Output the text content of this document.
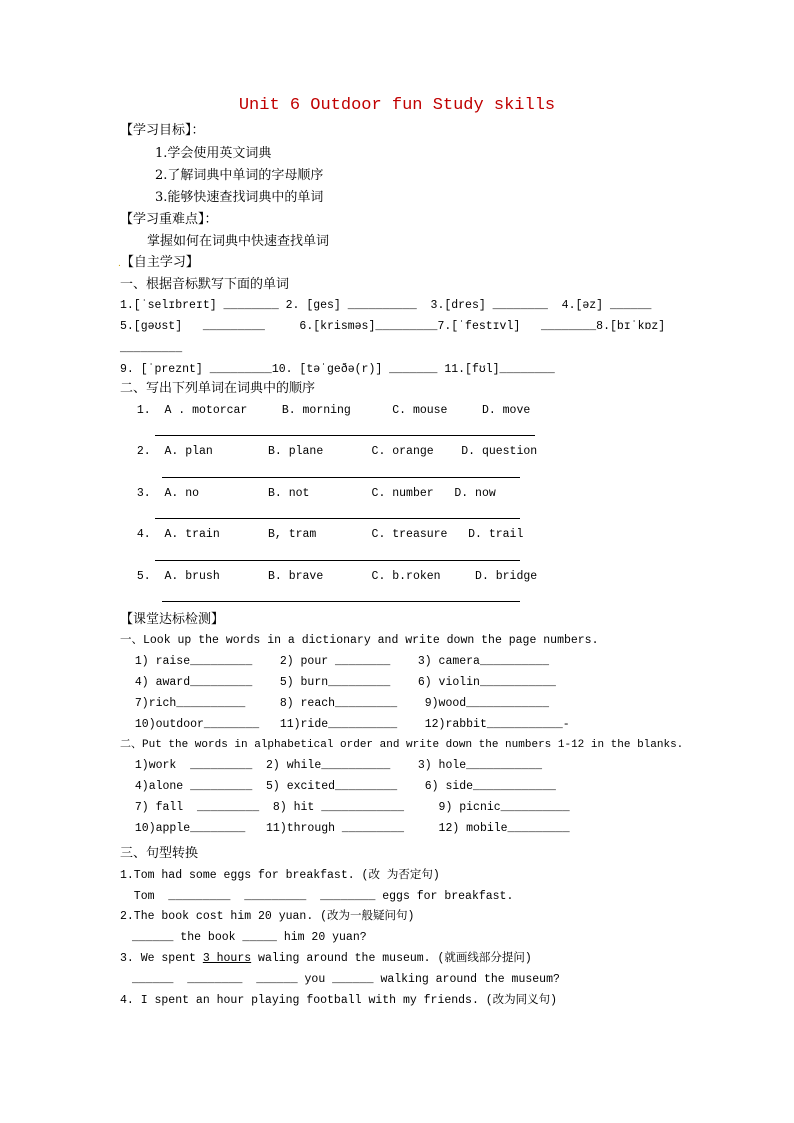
Unit 6 Outdoor fun Study skills
【学习目标】：
1.学会使用英文词典
2.了解词典中单词的字母顺序
3.能够快速查找词典中的单词
【学习重难点】：
掌握如何在词典中快速查找单词
.【自主学习】
一、根据音标默写下面的单词
1.[ˈselɪbreɪt] ________ 2. [ges] __________  3.[dres] ________  4.[əz] ______
5.[ɡəʊst]   _________     6.[krisməs]_________7.[ˈfestɪvl]   ________8.[bɪˈkɒz]
_________
9. [ˈpreznt] _________10. [təˈɡeðə(r)] _______ 11.[fʊl]________
二、写出下列单词在词典中的顺序
1.  A . motorcar     B. morning      C. mouse     D. move
2.  A. plan        B. plane       C. orange    D. question
3.  A. no          B. not         C. number   D. now
4.  A. train       B, tram        C. treasure   D. trail
5.  A. brush       B. brave       C. b.roken     D. bridge
【课堂达标检测】
一、Look up the words in a dictionary and write down the page numbers.
1) raise_________    2) pour ________    3) camera__________
4) award_________    5) burn_________    6) violin___________
7)rich__________     8) reach_________    9)wood____________
10)outdoor________   11)ride__________    12)rabbit___________-
二、Put the words in alphabetical order and write down the numbers 1-12 in the blanks.
1)work  _________  2) while__________    3) hole___________
4)alone _________  5) excited_________    6) side____________
7) fall  _________  8) hit ____________     9) picnic__________
10)apple________   11)through _________     12) mobile_________
三、句型转换
1.Tom had some eggs for breakfast. (改 为否定句)
Tom  _________  _________  ________ eggs for breakfast.
2.The book cost him 20 yuan. (改为一般疑问句)
______ the book _____ him 20 yuan?
3. We spent 3 hours waling around the museum. (就画线部分提问)
______  ________  ______ you ______ walking around the museum?
4. I spent an hour playing football with my friends. (改为同义句)
